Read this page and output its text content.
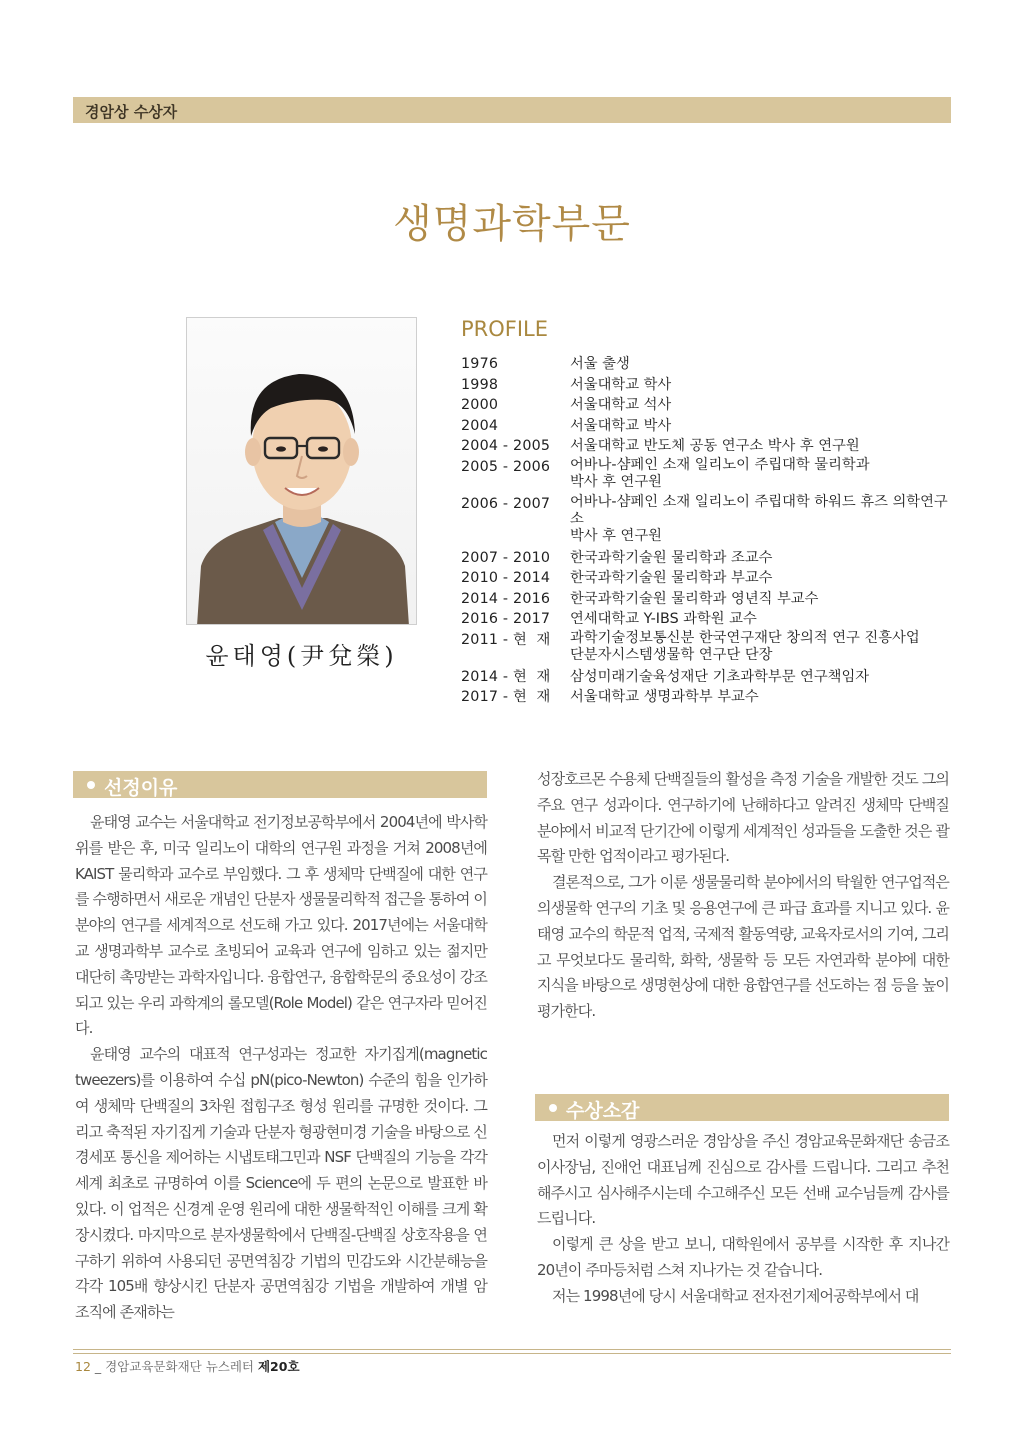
경암상 수상자
생명과학부문
윤태영(尹兌榮)
PROFILE
1976	서울 출생
1998	서울대학교 학사
2000	서울대학교 석사
2004	서울대학교 박사
2004 - 2005	서울대학교 반도체 공동 연구소 박사 후 연구원
2005 - 2006	어바나-샴페인 소재 일리노이 주립대학 물리학과
박사 후 연구원
2006 - 2007	어바나-샴페인 소재 일리노이 주립대학 하워드 휴즈 의학연구소
박사 후 연구원
2007 - 2010	한국과학기술원 물리학과 조교수
2010 - 2014	한국과학기술원 물리학과 부교수
2014 - 2016	한국과학기술원 물리학과 영년직 부교수
2016 - 2017	연세대학교 Y-IBS 과학원 교수
2011 - 현  재	과학기술정보통신분 한국연구재단 창의적 연구 진흥사업
단분자시스템생물학 연구단 단장
2014 - 현  재	삼성미래기술육성재단 기초과학부문 연구책임자
2017 - 현  재	서울대학교 생명과학부 부교수
선정이유

윤태영 교수는 서울대학교 전기정보공학부에서 2004년에 박사학위를 받은 후, 미국 일리노이 대학의 연구원 과정을 거쳐 2008년에 KAIST 물리학과 교수로 부임했다. 그 후 생체막 단백질에 대한 연구를 수행하면서 새로운 개념인 단분자 생물물리학적 접근을 통하여 이 분야의 연구를 세계적으로 선도해 가고 있다. 2017년에는 서울대학교 생명과학부 교수로 초빙되어 교육과 연구에 임하고 있는 젊지만 대단히 촉망받는 과학자입니다. 융합연구, 융합학문의 중요성이 강조되고 있는 우리 과학계의 롤모델(Role Model) 같은 연구자라 믿어진다.

윤태영 교수의 대표적 연구성과는 정교한 자기집게(magnetic tweezers)를 이용하여 수십 pN(pico-Newton) 수준의 힘을 인가하여 생체막 단백질의 3차원 접힘구조 형성 원리를 규명한 것이다. 그리고 축적된 자기집게 기술과 단분자 형광현미경 기술을 바탕으로 신경세포 통신을 제어하는 시냅토태그민과 NSF 단백질의 기능을 각각 세계 최초로 규명하여 이를 Science에 두 편의 논문으로 발표한 바 있다. 이 업적은 신경계 운영 원리에 대한 생물학적인 이해를 크게 확장시켰다. 마지막으로 분자생물학에서 단백질-단백질 상호작용을 연구하기 위하여 사용되던 공면역침강 기법의 민감도와 시간분해능을 각각 105배 향상시킨 단분자 공면역침강 기법을 개발하여 개별 암 조직에 존재하는

성장호르몬 수용체 단백질들의 활성을 측정 기술을 개발한 것도 그의 주요 연구 성과이다. 연구하기에 난해하다고 알려진 생체막 단백질 분야에서 비교적 단기간에 이렇게 세계적인 성과들을 도출한 것은 괄목할 만한 업적이라고 평가된다.

결론적으로, 그가 이룬 생물물리학 분야에서의 탁월한 연구업적은 의생물학 연구의 기초 및 응용연구에 큰 파급 효과를 지니고 있다. 윤태영 교수의 학문적 업적, 국제적 활동역량, 교육자로서의 기여, 그리고 무엇보다도 물리학, 화학, 생물학 등 모든 자연과학 분야에 대한 지식을 바탕으로 생명현상에 대한 융합연구를 선도하는 점 등을 높이 평가한다.

수상소감

먼저 이렇게 영광스러운 경암상을 주신 경암교육문화재단 송금조 이사장님, 진애언 대표님께 진심으로 감사를 드립니다. 그리고 추천해주시고 심사해주시는데 수고해주신 모든 선배 교수님들께 감사를 드립니다.

이렇게 큰 상을 받고 보니, 대학원에서 공부를 시작한 후 지나간 20년이 주마등처럼 스쳐 지나가는 것 같습니다.

저는 1998년에 당시 서울대학교 전자전기제어공학부에서 대

12 _ 경암교육문화재단 뉴스레터 제20호
